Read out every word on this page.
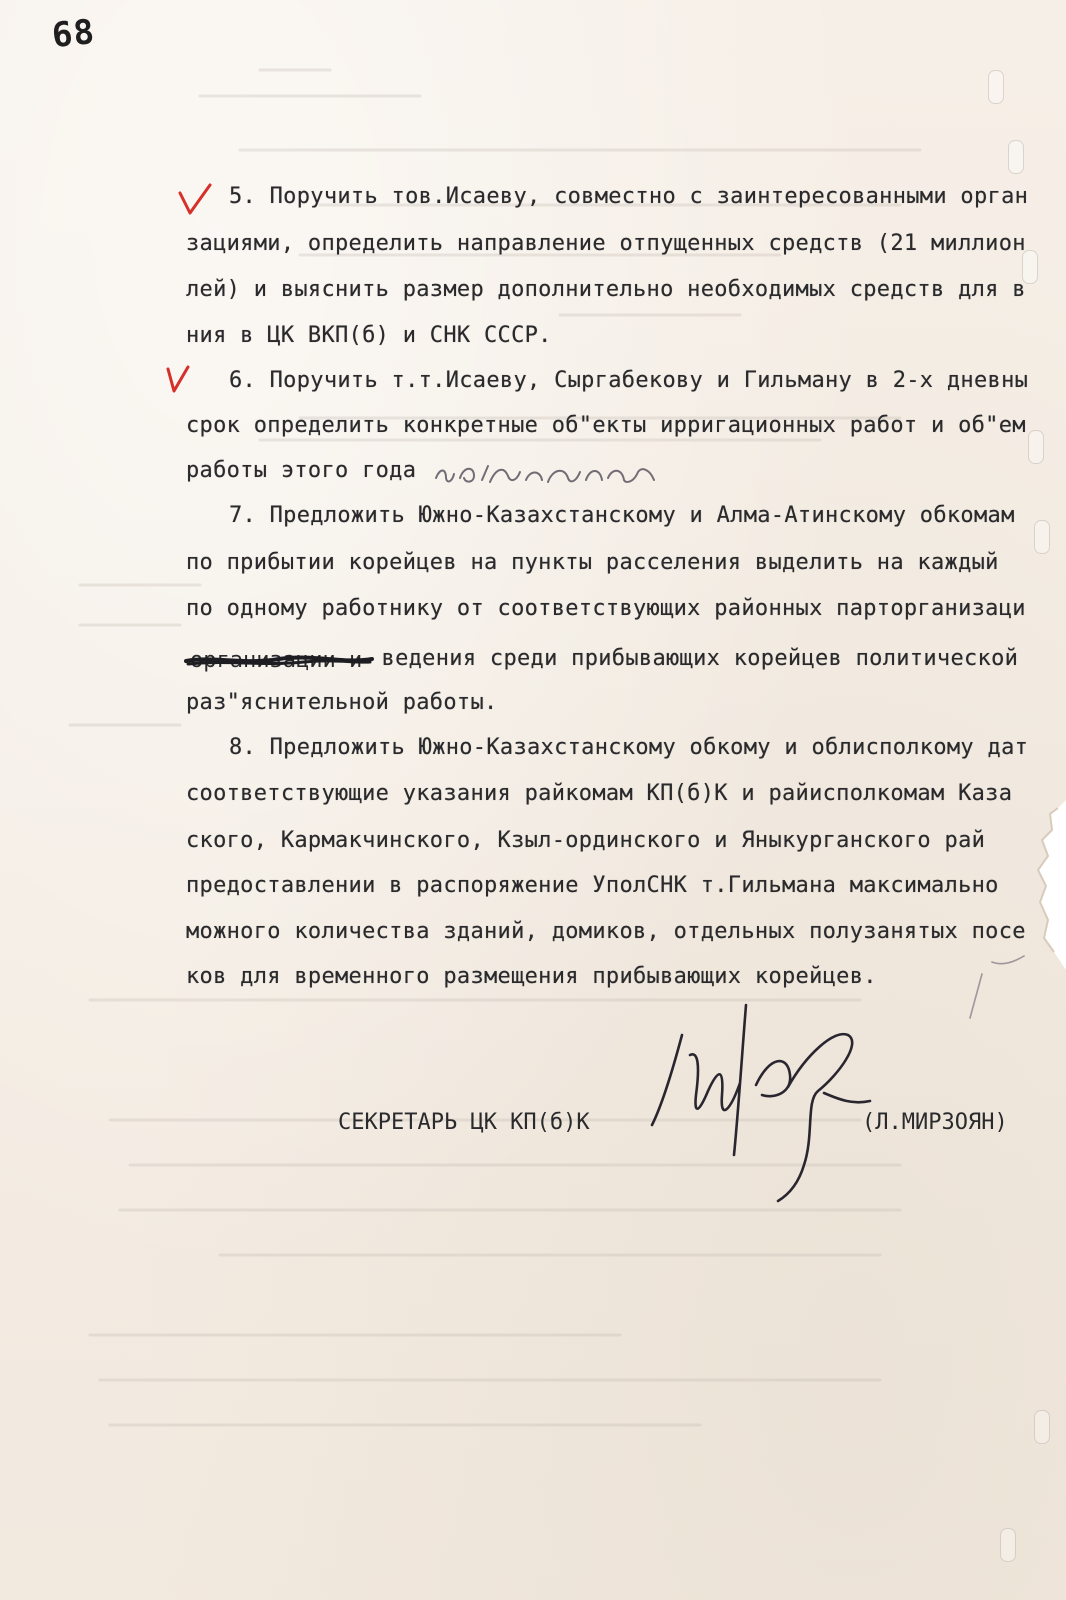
68
5. Поручить тов.Исаеву, совместно с заинтересованными орган
зациями, определить направление отпущенных средств (21 миллион
лей) и выяснить размер дополнительно необходимых средств для в
ния в ЦК ВКП(б) и СНК СССР.
6. Поручить т.т.Исаеву, Сыргабекову и Гильману в 2-х дневны
срок определить конкретные об"екты ирригационных работ и об"ем
работы этого года
7. Предложить Южно-Казахстанскому и Алма-Атинскому обкомам
по прибытии корейцев на пункты расселения выделить на каждый
по одному работнику от соответствующих районных парторганизаци
организации и ведения среди прибывающих корейцев политической
раз"яснительной работы.
8. Предложить Южно-Казахстанскому обкому и облисполкому дат
соответствующие указания райкомам КП(б)К и райисполкомам Каза
ского, Кармакчинского, Кзыл-ординского и Яныкурганского рай
предоставлении в распоряжение УполСНК т.Гильмана максимально
можного количества зданий, домиков, отдельных полузанятых посе
ков для временного размещения прибывающих корейцев.
СЕКРЕТАРЬ ЦК КП(б)К	(Л.МИРЗОЯН)
